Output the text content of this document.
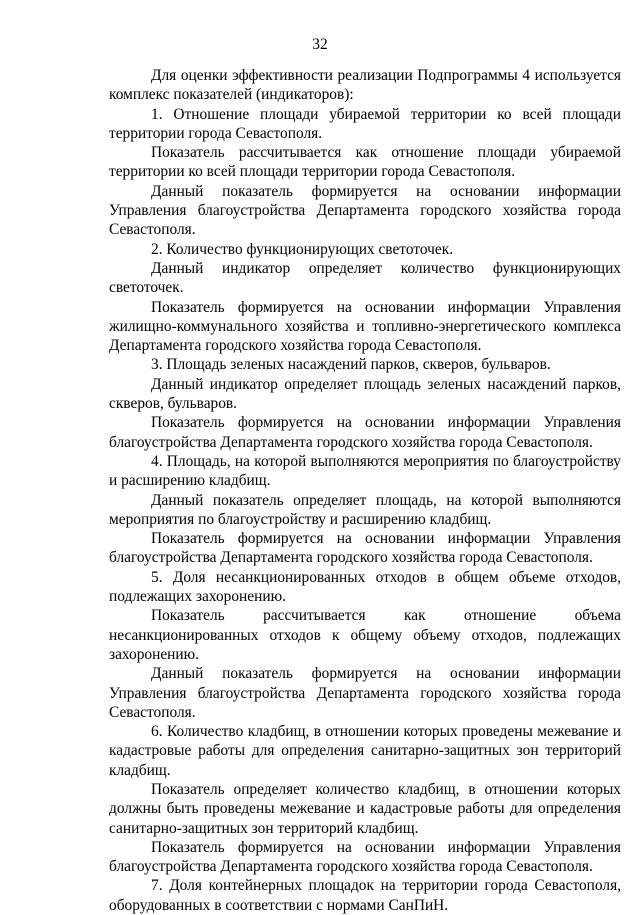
32

Для оценки эффективности реализации Подпрограммы 4 используется комплекс показателей (индикаторов):

1. Отношение площади убираемой территории ко всей площади территории города Севастополя.

Показатель рассчитывается как отношение площади убираемой территории ко всей площади территории города Севастополя.

Данный показатель формируется на основании информации Управления благоустройства Департамента городского хозяйства города Севастополя.

2. Количество функционирующих светоточек.

Данный индикатор определяет количество функционирующих светоточек.

Показатель формируется на основании информации Управления жилищно-коммунального хозяйства и топливно-энергетического комплекса Департамента городского хозяйства города Севастополя.

3. Площадь зеленых насаждений парков, скверов, бульваров.

Данный индикатор определяет площадь зеленых насаждений парков, скверов, бульваров.

Показатель формируется на основании информации Управления благоустройства Департамента городского хозяйства города Севастополя.

4. Площадь, на которой выполняются мероприятия по благоустройству и расширению кладбищ.

Данный показатель определяет площадь, на которой выполняются мероприятия по благоустройству и расширению кладбищ.

Показатель формируется на основании информации Управления благоустройства Департамента городского хозяйства города Севастополя.

5. Доля несанкционированных отходов в общем объеме отходов, подлежащих захоронению.

Показатель рассчитывается как отношение объема несанкционированных отходов к общему объему отходов, подлежащих захоронению.

Данный показатель формируется на основании информации Управления благоустройства Департамента городского хозяйства города Севастополя.

6. Количество кладбищ, в отношении которых проведены межевание и кадастровые работы для определения санитарно-защитных зон территорий кладбищ.

Показатель определяет количество кладбищ, в отношении которых должны быть проведены межевание и кадастровые работы для определения санитарно-защитных зон территорий кладбищ.

Показатель формируется на основании информации Управления благоустройства Департамента городского хозяйства города Севастополя.

7. Доля контейнерных площадок на территории города Севастополя, оборудованных в соответствии с нормами СанПиН.
